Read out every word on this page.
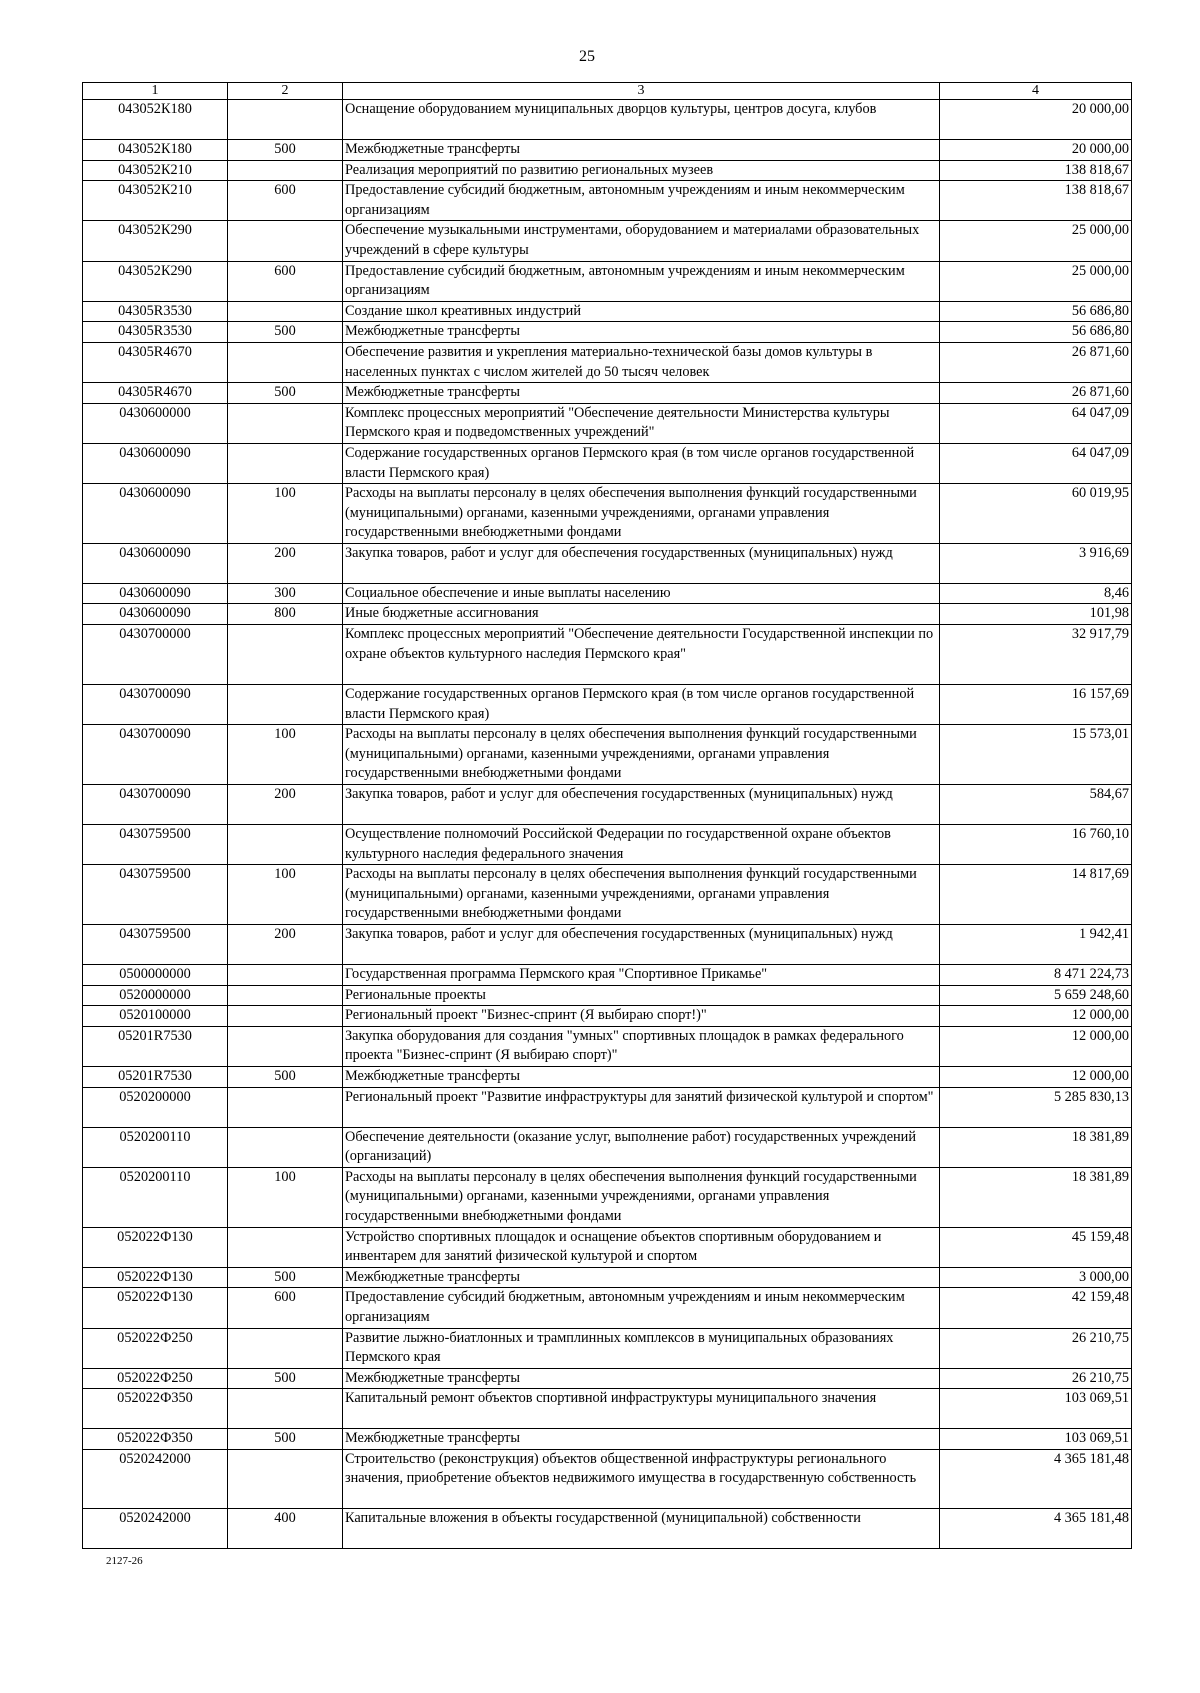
25
1	2	3	4
043052К180		Оснащение оборудованием муниципальных дворцов культуры, центров досуга, клубов	20 000,00
043052К180	500	Межбюджетные трансферты	20 000,00
043052К210		Реализация мероприятий по развитию региональных музеев	138 818,67
043052К210	600	Предоставление субсидий бюджетным, автономным учреждениям и иным некоммерческим организациям	138 818,67
043052К290		Обеспечение музыкальными инструментами, оборудованием и материалами образовательных учреждений в сфере культуры	25 000,00
043052К290	600	Предоставление субсидий бюджетным, автономным учреждениям и иным некоммерческим организациям	25 000,00
04305R3530		Создание школ креативных индустрий	56 686,80
04305R3530	500	Межбюджетные трансферты	56 686,80
04305R4670		Обеспечение развития и укрепления материально-технической базы домов культуры в населенных пунктах с числом жителей до 50 тысяч человек	26 871,60
04305R4670	500	Межбюджетные трансферты	26 871,60
0430600000		Комплекс процессных мероприятий "Обеспечение деятельности Министерства культуры Пермского края и подведомственных учреждений"	64 047,09
0430600090		Содержание государственных органов Пермского края (в том числе органов государственной власти Пермского края)	64 047,09
0430600090	100	Расходы на выплаты персоналу в целях обеспечения выполнения функций государственными (муниципальными) органами, казенными учреждениями, органами управления государственными внебюджетными фондами	60 019,95
0430600090	200	Закупка товаров, работ и услуг для обеспечения государственных (муниципальных) нужд	3 916,69
0430600090	300	Социальное обеспечение и иные выплаты населению	8,46
0430600090	800	Иные бюджетные ассигнования	101,98
0430700000		Комплекс процессных мероприятий "Обеспечение деятельности Государственной инспекции по охране объектов культурного наследия Пермского края"	32 917,79
0430700090		Содержание государственных органов Пермского края (в том числе органов государственной власти Пермского края)	16 157,69
0430700090	100	Расходы на выплаты персоналу в целях обеспечения выполнения функций государственными (муниципальными) органами, казенными учреждениями, органами управления государственными внебюджетными фондами	15 573,01
0430700090	200	Закупка товаров, работ и услуг для обеспечения государственных (муниципальных) нужд	584,67
0430759500		Осуществление полномочий Российской Федерации по государственной охране объектов культурного наследия федерального значения	16 760,10
0430759500	100	Расходы на выплаты персоналу в целях обеспечения выполнения функций государственными (муниципальными) органами, казенными учреждениями, органами управления государственными внебюджетными фондами	14 817,69
0430759500	200	Закупка товаров, работ и услуг для обеспечения государственных (муниципальных) нужд	1 942,41
0500000000		Государственная программа Пермского края "Спортивное Прикамье"	8 471 224,73
0520000000		Региональные проекты	5 659 248,60
0520100000		Региональный проект "Бизнес-спринт (Я выбираю спорт!)"	12 000,00
05201R7530		Закупка оборудования для создания "умных" спортивных площадок в рамках федерального проекта "Бизнес-спринт (Я выбираю спорт)"	12 000,00
05201R7530	500	Межбюджетные трансферты	12 000,00
0520200000		Региональный проект "Развитие инфраструктуры для занятий физической культурой и спортом"	5 285 830,13
0520200110		Обеспечение деятельности (оказание услуг, выполнение работ) государственных учреждений (организаций)	18 381,89
0520200110	100	Расходы на выплаты персоналу в целях обеспечения выполнения функций государственными (муниципальными) органами, казенными учреждениями, органами управления государственными внебюджетными фондами	18 381,89
052022Ф130		Устройство спортивных площадок и оснащение объектов спортивным оборудованием и инвентарем для занятий физической культурой и спортом	45 159,48
052022Ф130	500	Межбюджетные трансферты	3 000,00
052022Ф130	600	Предоставление субсидий бюджетным, автономным учреждениям и иным некоммерческим организациям	42 159,48
052022Ф250		Развитие лыжно-биатлонных и трамплинных комплексов в муниципальных образованиях Пермского края	26 210,75
052022Ф250	500	Межбюджетные трансферты	26 210,75
052022Ф350		Капитальный ремонт объектов спортивной инфраструктуры муниципального значения	103 069,51
052022Ф350	500	Межбюджетные трансферты	103 069,51
0520242000		Строительство (реконструкция) объектов общественной инфраструктуры регионального значения, приобретение объектов недвижимого имущества в государственную собственность	4 365 181,48
0520242000	400	Капитальные вложения в объекты государственной (муниципальной) собственности	4 365 181,48
2127-26
